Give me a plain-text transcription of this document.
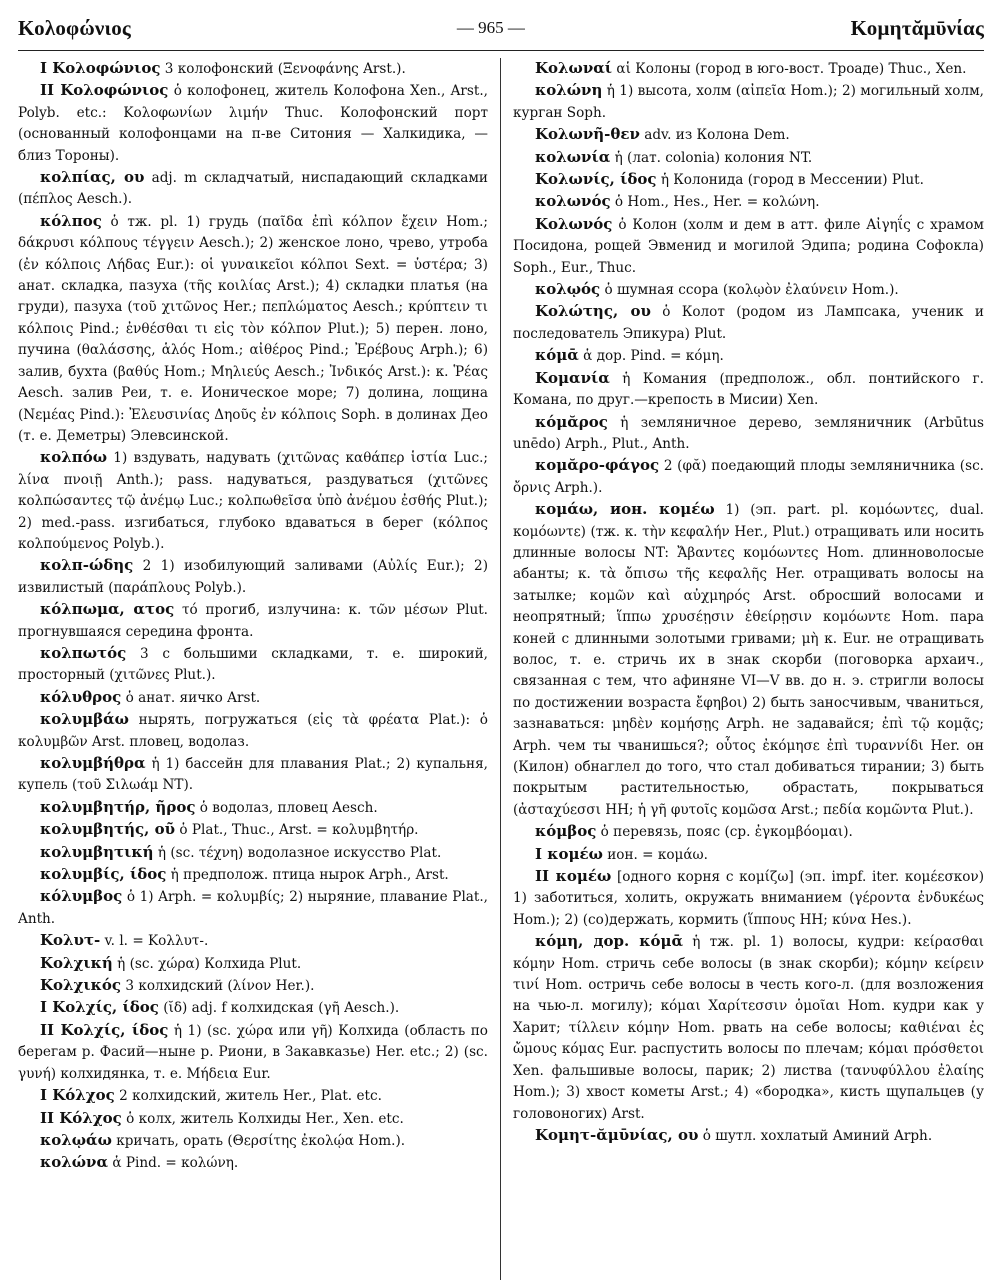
Κολοφώνιος	— 965 —	Κομητᾰμῡνίας

I Κολοφώνιος 3 колофонский (Ξενοφάνης Arst.).

II Κολοφώνιος ὁ колофонец, житель Колофона Xen., Arst., Polyb. etc.: Κολοφωνίων λιμήν Thuc. Колофонский порт (основанный колофонцами на п-ве Ситония — Халкидика, — близ Тороны).

κολπίας, ου adj. m складчатый, ниспадающий складками (πέπλος Aesch.).

κόλπος ὁ тж. pl. 1) грудь (παῖδα ἐπὶ κόλπον ἔχειν Hom.; δάκρυσι κόλπους τέγγειν Aesch.); 2) женское лоно, чрево, утроба (ἐν κόλποις Λήδας Eur.): οἱ γυναικεῖοι κόλποι Sext. = ὑστέρα; 3) анат. складка, пазуха (τῆς κοιλίας Arst.); 4) складки платья (на груди), пазуха (τοῦ χιτῶνος Her.; πεπλώματος Aesch.; κρύπτειν τι κόλποις Pind.; ἐνθέσθαι τι εἰς τὸν κόλπον Plut.); 5) перен. лоно, пучина (θαλάσσης, ἁλός Hom.; αἰθέρος Pind.; Ἐρέβους Arph.); 6) залив, бухта (βαθύς Hom.; Μηλιεύς Aesch.; Ἰνδικός Arst.): κ. Ῥέας Aesch. залив Реи, т. е. Ионическое море; 7) долина, лощина (Νεμέας Pind.): Ἐλευσινίας Δηοῦς ἐν κόλποις Soph. в долинах Део (т. е. Деметры) Элевсинской.

κολπόω 1) вздувать, надувать (χιτῶνας καθάπερ ἱστία Luc.; λίνα πνοιῇ Anth.); pass. надуваться, раздуваться (χιτῶνες κολπώσαντες τῷ ἀνέμῳ Luc.; κολπωθεῖσα ὑπὸ ἀνέμου ἐσθής Plut.); 2) med.-pass. изгибаться, глубоко вдаваться в берег (κόλπος κολπούμενος Polyb.).

κολπ-ώδης 2 1) изобилующий заливами (Αὐλίς Eur.); 2) извилистый (παράπλους Polyb.).

κόλπωμα, ατος τό прогиб, излучина: κ. τῶν μέσων Plut. прогнувшаяся середина фронта.

κολπωτός 3 с большими складками, т. е. широкий, просторный (χιτῶνες Plut.).

κόλυθρος ὁ анат. яичко Arst.

κολυμβάω нырять, погружаться (εἰς τὰ φρέατα Plat.): ὁ κολυμβῶν Arst. пловец, водолаз.

κολυμβήθρα ἡ 1) бассейн для плавания Plat.; 2) купальня, купель (τοῦ Σιλωάμ NT).

κολυμβητήρ, ῆρος ὁ водолаз, пловец Aesch.

κολυμβητής, οῦ ὁ Plat., Thuc., Arst. = κολυμβητήρ.

κολυμβητική ἡ (sc. τέχνη) водолазное искусство Plat.

κολυμβίς, ίδος ἡ предполож. птица нырок Arph., Arst.

κόλυμβος ὁ 1) Arph. = κολυμβίς; 2) ныряние, плавание Plat., Anth.

Κολυτ- v. l. = Κολλυτ-.

Κολχική ἡ (sc. χώρα) Колхида Plut.

Κολχικός 3 колхидский (λίνον Her.).

I Κολχίς, ίδος (ῐδ) adj. f колхидская (γῆ Aesch.).

II Κολχίς, ίδος ἡ 1) (sc. χώρα или γῆ) Колхида (область по берегам р. Фасий—ныне р. Риони, в Закавказье) Her. etc.; 2) (sc. γυνή) колхидянка, т. е. Μήδεια Eur.

I Κόλχος 2 колхидский, житель Her., Plat. etc.

II Κόλχος ὁ колх, житель Колхиды Her., Xen. etc.

κολῳάω кричать, орать (Θερσίτης ἐκολῴα Hom.).

κολώνα ἁ Pind. = κολώνη.

Κολωναί αἱ Колоны (город в юго-вост. Троаде) Thuc., Xen.

κολώνη ἡ 1) высота, холм (αἰπεῖα Hom.); 2) могильный холм, курган Soph.

Κολωνῆ-θεν adv. из Колона Dem.

κολωνία ἡ (лат. colonia) колония NT.

Κολωνίς, ίδος ἡ Колонида (город в Мессении) Plut.

κολωνός ὁ Hom., Hes., Her. = κολώνη.

Κολωνός ὁ Колон (холм и дем в атт. филе Αἰγηΐς с храмом Посидона, рощей Эвменид и могилой Эдипа; родина Софокла) Soph., Eur., Thuc.

κολῳός ὁ шумная ссора (κολῳὸν ἐλαύνειν Hom.).

Κολώτης, ου ὁ Колот (родом из Лампсака, ученик и последователь Эпикура) Plut.

κόμᾱ ἁ дор. Pind. = κόμη.

Κομανία ἡ Комания (предполож., обл. понтийского г. Комана, по друг.—крепость в Мисии) Xen.

κόμᾰρος ἡ земляничное дерево, земляничник (Arbūtus unēdo) Arph., Plut., Anth.

κομᾰρο-φάγος 2 (φᾰ) поедающий плоды земляничника (sc. ὄρνις Arph.).

κομάω, ион. κομέω 1) (эп. part. pl. κομόωντες, dual. κομόωντε) (тж. κ. τὴν κεφαλήν Her., Plut.) отращивать или носить длинные волосы NT: Ἄβαντες κομόωντες Hom. длинноволосые абанты; κ. τὰ ὄπισω τῆς κεφαλῆς Her. отращивать волосы на затылке; κομῶν καὶ αὐχμηρός Arst. обросший волосами и неопрятный; ἵππω χρυσέῃσιν ἐθείρῃσιν κομόωντε Hom. пара коней с длинными золотыми гривами; μὴ κ. Eur. не отращивать волос, т. е. стричь их в знак скорби (поговорка архаич., связанная с тем, что афиняне VI—V вв. до н. э. стригли волосы по достижении возраста ἔφηβοι) 2) быть заносчивым, чваниться, зазнаваться: μηδὲν κομήσῃς Arph. не задавайся; ἐπὶ τῷ κομᾷς; Arph. чем ты чванишься?; οὗτος ἐκόμησε ἐπὶ τυραννίδι Her. он (Килон) обнаглел до того, что стал добиваться тирании; 3) быть покрытым растительностью, обрастать, покрываться (ἀσταχύεσσι HH; ἡ γῆ φυτοῖς κομῶσα Arst.; πεδία κομῶντα Plut.).

κόμβος ὁ перевязь, пояс (ср. ἐγκομβόομαι).

I κομέω ион. = κομάω.

II κομέω [одного корня с κομίζω] (эп. impf. iter. κομέεσκον) 1) заботиться, холить, окружать вниманием (γέροντα ἐνδυκέως Hom.); 2) (со)держать, кормить (ἵππους HH; κύνα Hes.).

κόμη, дор. κόμᾱ ἡ тж. pl. 1) волосы, кудри: κείρασθαι κόμην Hom. стричь себе волосы (в знак скорби); κόμην κείρειν τινί Hom. остричь себе волосы в честь кого-л. (для возложения на чью-л. могилу); κόμαι Χαρίτεσσιν ὁμοῖαι Hom. кудри как у Харит; τίλλειν κόμην Hom. рвать на себе волосы; καθιέναι ἐς ὤμους κόμας Eur. распустить волосы по плечам; κόμαι πρόσθετοι Xen. фальшивые волосы, парик; 2) листва (τανυφύλλου ἐλαίης Hom.); 3) хвост кометы Arst.; 4) «бородка», кисть щупальцев (у головоногих) Arst.

Κομητ-ᾰμῡνίας, ου ὁ шутл. хохлатый Аминий Arph.
